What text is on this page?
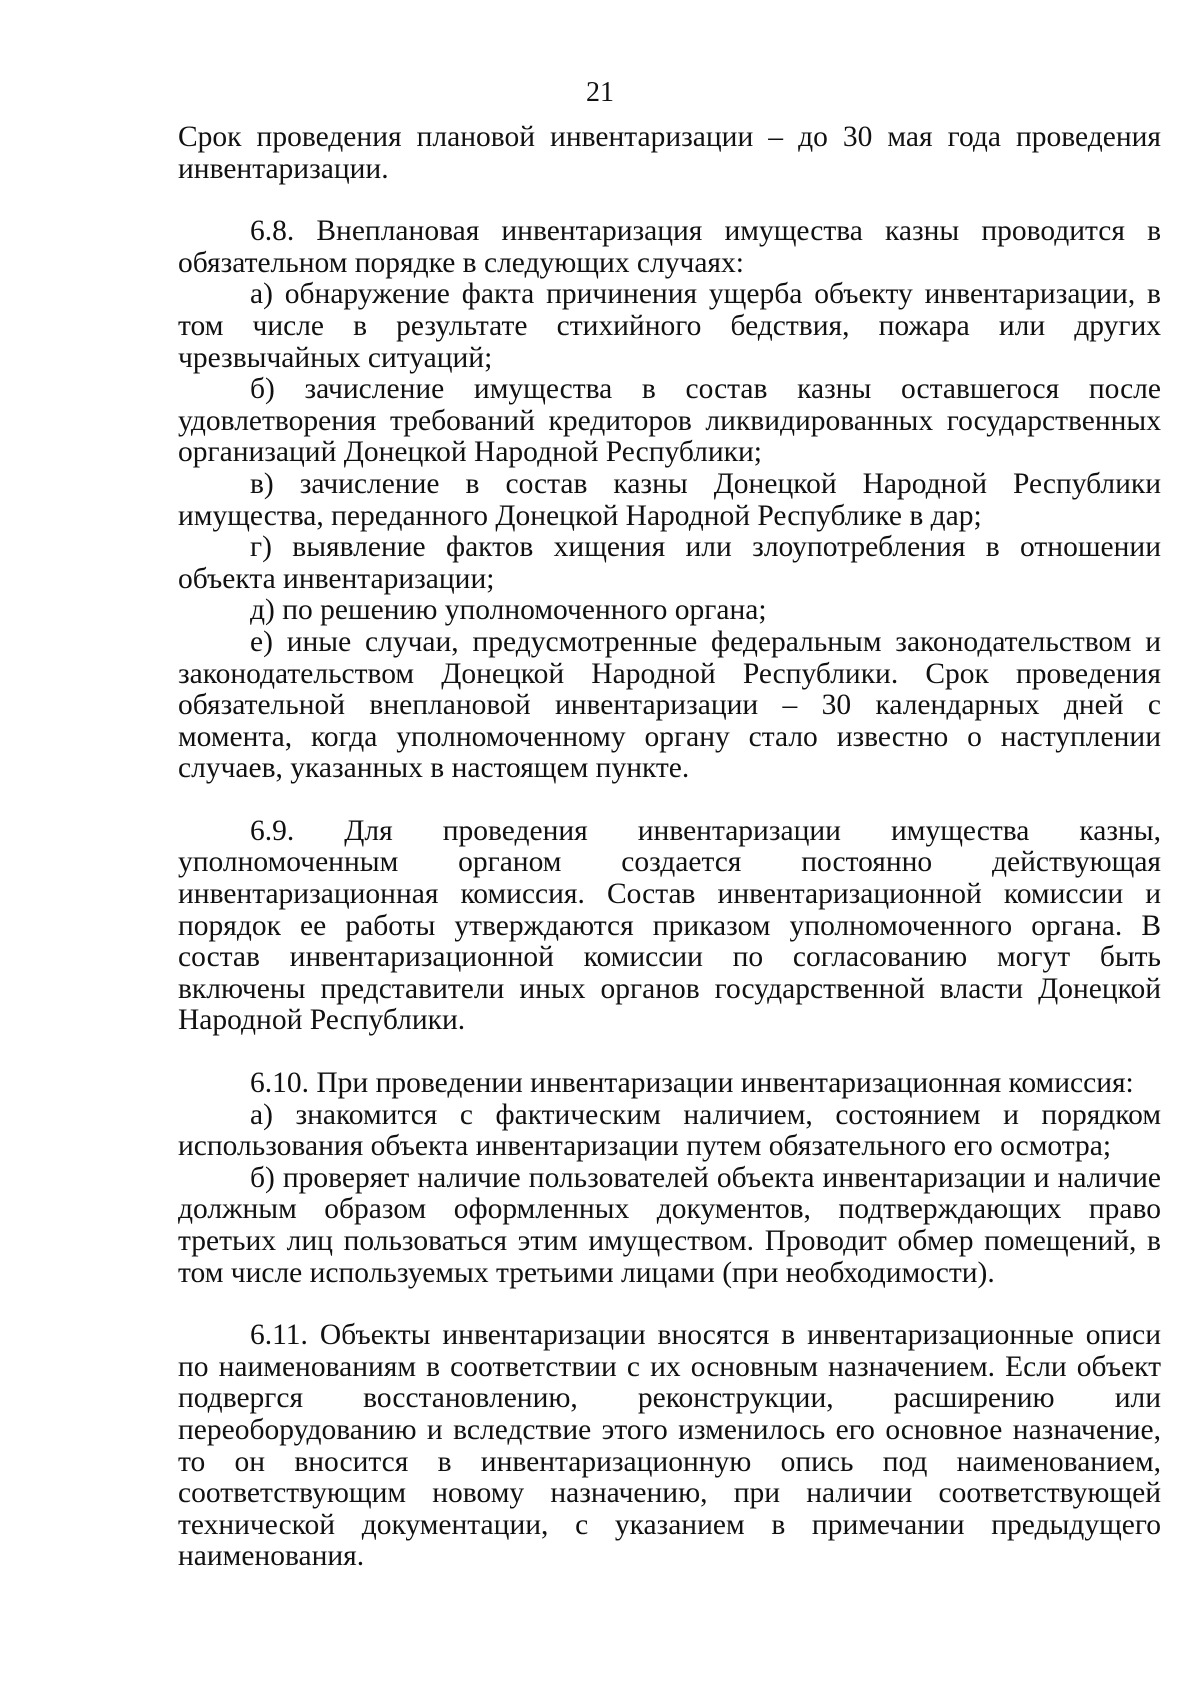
21

Срок проведения плановой инвентаризации – до 30 мая года проведения инвентаризации.

6.8. Внеплановая инвентаризация имущества казны проводится в обязательном порядке в следующих случаях:

а) обнаружение факта причинения ущерба объекту инвентаризации, в том числе в результате стихийного бедствия, пожара или других чрезвычайных ситуаций;

б) зачисление имущества в состав казны оставшегося после удовлетворения требований кредиторов ликвидированных государственных организаций Донецкой Народной Республики;

в) зачисление в состав казны Донецкой Народной Республики имущества, переданного Донецкой Народной Республике в дар;

г) выявление фактов хищения или злоупотребления в отношении объекта инвентаризации;

д) по решению уполномоченного органа;

е) иные случаи, предусмотренные федеральным законодательством и законодательством Донецкой Народной Республики. Срок проведения обязательной внеплановой инвентаризации – 30 календарных дней с момента, когда уполномоченному органу стало известно о наступлении случаев, указанных в настоящем пункте.

6.9. Для проведения инвентаризации имущества казны, уполномоченным органом создается постоянно действующая инвентаризационная комиссия. Состав инвентаризационной комиссии и порядок ее работы утверждаются приказом уполномоченного органа. В состав инвентаризационной комиссии по согласованию могут быть включены представители иных органов государственной власти Донецкой Народной Республики.

6.10. При проведении инвентаризации инвентаризационная комиссия:

а) знакомится с фактическим наличием, состоянием и порядком использования объекта инвентаризации путем обязательного его осмотра;

б) проверяет наличие пользователей объекта инвентаризации и наличие должным образом оформленных документов, подтверждающих право третьих лиц пользоваться этим имуществом. Проводит обмер помещений, в том числе используемых третьими лицами (при необходимости).

6.11. Объекты инвентаризации вносятся в инвентаризационные описи по наименованиям в соответствии с их основным назначением. Если объект подвергся восстановлению, реконструкции, расширению или переоборудованию и вследствие этого изменилось его основное назначение, то он вносится в инвентаризационную опись под наименованием, соответствующим новому назначению, при наличии соответствующей технической документации, с указанием в примечании предыдущего наименования.
